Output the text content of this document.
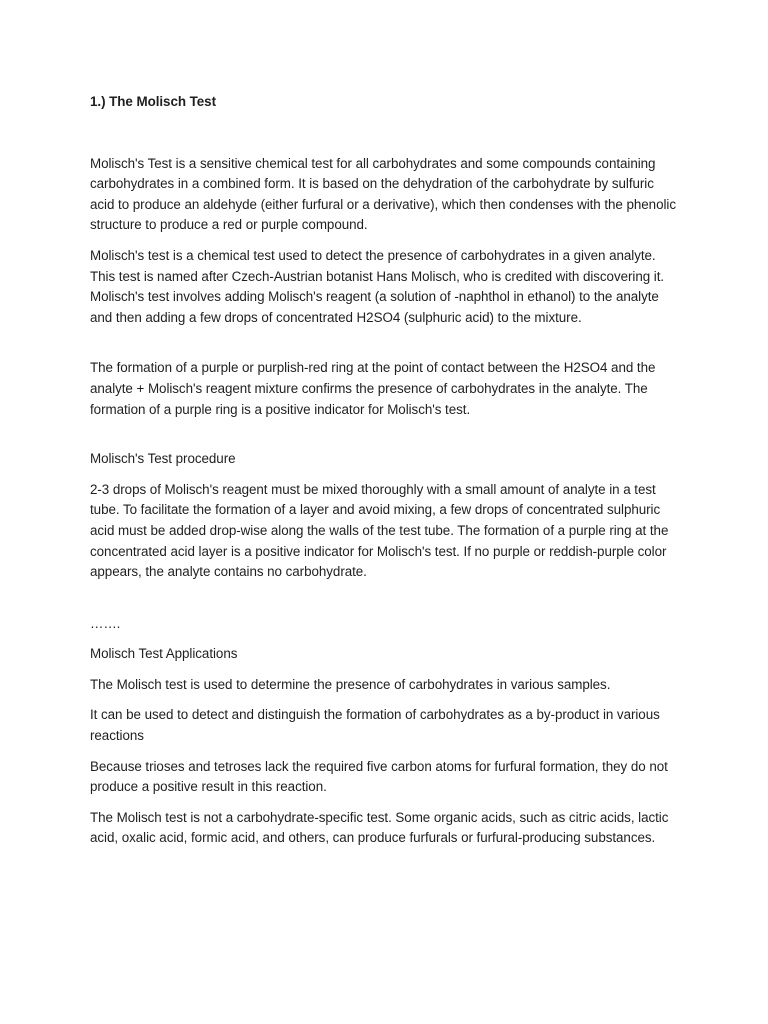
1.) The Molisch Test

Molisch's Test is a sensitive chemical test for all carbohydrates and some compounds containing carbohydrates in a combined form. It is based on the dehydration of the carbohydrate by sulfuric acid to produce an aldehyde (either furfural or a derivative), which then condenses with the phenolic structure to produce a red or purple compound.

Molisch's test is a chemical test used to detect the presence of carbohydrates in a given analyte. This test is named after Czech-Austrian botanist Hans Molisch, who is credited with discovering it. Molisch's test involves adding Molisch's reagent (a solution of -naphthol in ethanol) to the analyte and then adding a few drops of concentrated H2SO4 (sulphuric acid) to the mixture.

The formation of a purple or purplish-red ring at the point of contact between the H2SO4 and the analyte + Molisch's reagent mixture confirms the presence of carbohydrates in the analyte. The formation of a purple ring is a positive indicator for Molisch's test.

Molisch's Test procedure

2-3 drops of Molisch's reagent must be mixed thoroughly with a small amount of analyte in a test tube. To facilitate the formation of a layer and avoid mixing, a few drops of concentrated sulphuric acid must be added drop-wise along the walls of the test tube. The formation of a purple ring at the concentrated acid layer is a positive indicator for Molisch's test. If no purple or reddish-purple color appears, the analyte contains no carbohydrate.

…….

Molisch Test Applications

The Molisch test is used to determine the presence of carbohydrates in various samples.

It can be used to detect and distinguish the formation of carbohydrates as a by-product in various reactions

Because trioses and tetroses lack the required five carbon atoms for furfural formation, they do not produce a positive result in this reaction.

The Molisch test is not a carbohydrate-specific test. Some organic acids, such as citric acids, lactic acid, oxalic acid, formic acid, and others, can produce furfurals or furfural-producing substances.
